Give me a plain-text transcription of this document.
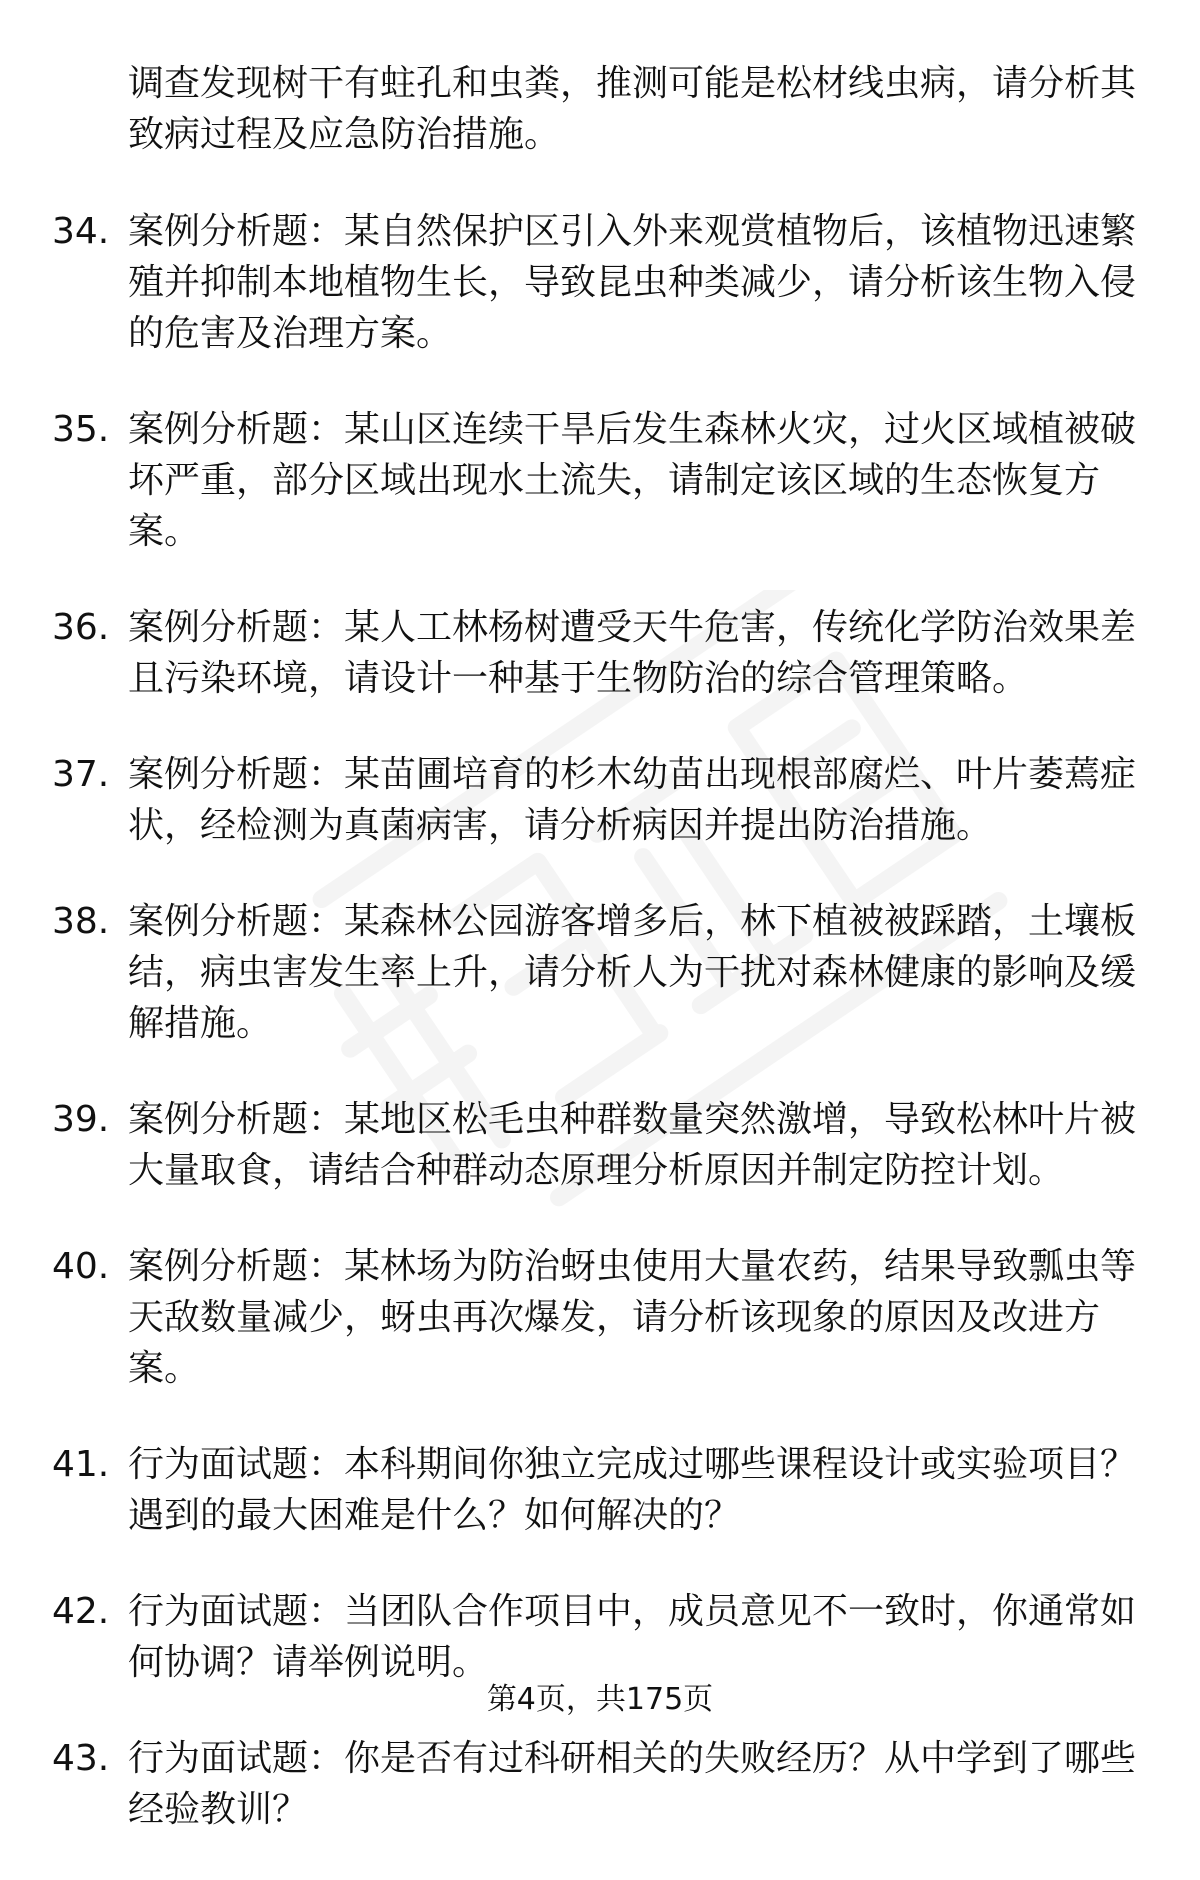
调查发现树干有蛀孔和虫粪，推测可能是松材线虫病，请分析其致病过程及应急防治措施。
34. 案例分析题：某自然保护区引入外来观赏植物后，该植物迅速繁殖并抑制本地植物生长，导致昆虫种类减少，请分析该生物入侵的危害及治理方案。
35. 案例分析题：某山区连续干旱后发生森林火灾，过火区域植被破坏严重，部分区域出现水土流失，请制定该区域的生态恢复方案。
36. 案例分析题：某人工林杨树遭受天牛危害，传统化学防治效果差且污染环境，请设计一种基于生物防治的综合管理策略。
37. 案例分析题：某苗圃培育的杉木幼苗出现根部腐烂、叶片萎蔫症状，经检测为真菌病害，请分析病因并提出防治措施。
38. 案例分析题：某森林公园游客增多后，林下植被被踩踏，土壤板结，病虫害发生率上升，请分析人为干扰对森林健康的影响及缓解措施。
39. 案例分析题：某地区松毛虫种群数量突然激增，导致松林叶片被大量取食，请结合种群动态原理分析原因并制定防控计划。
40. 案例分析题：某林场为防治蚜虫使用大量农药，结果导致瓢虫等天敌数量减少，蚜虫再次爆发，请分析该现象的原因及改进方案。
41. 行为面试题：本科期间你独立完成过哪些课程设计或实验项目？遇到的最大困难是什么？如何解决的？
42. 行为面试题：当团队合作项目中，成员意见不一致时，你通常如何协调？请举例说明。
43. 行为面试题：你是否有过科研相关的失败经历？从中学到了哪些经验教训？
第4页，共175页
